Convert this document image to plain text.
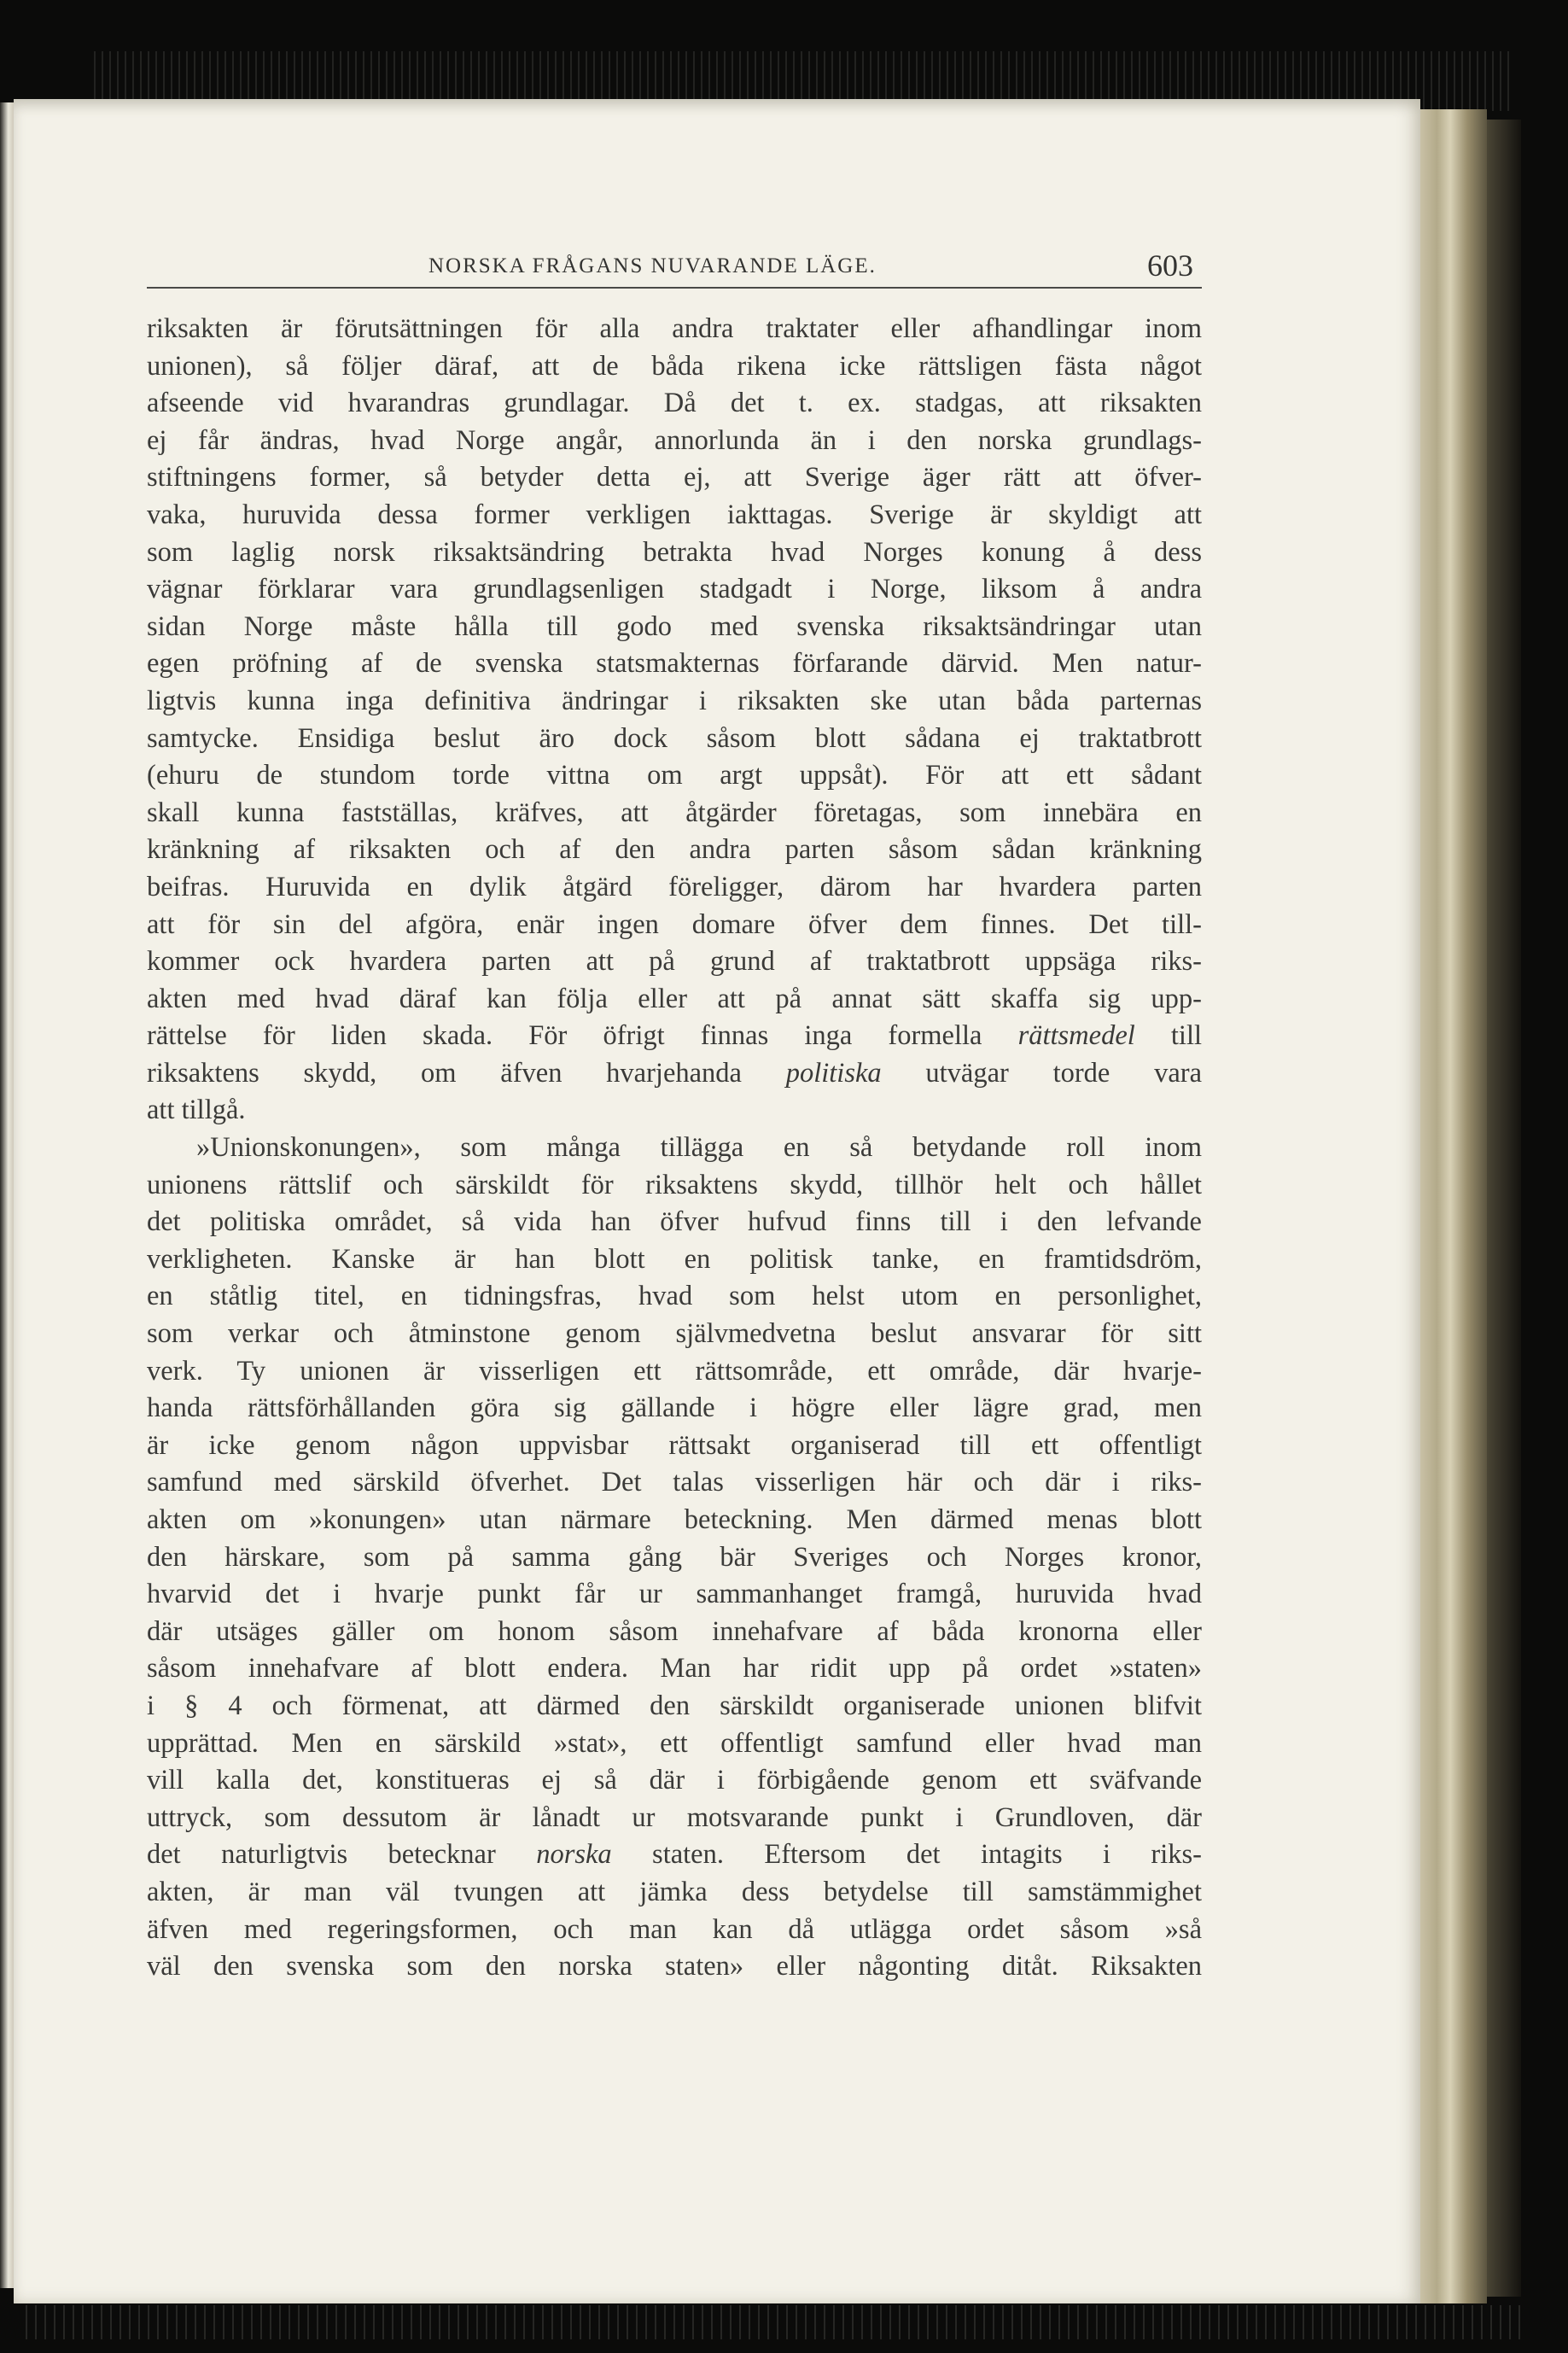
NORSKA FRÅGANS NUVARANDE LÄGE.	603
riksakten är förutsättningen för alla andra traktater eller afhandlingar inom
unionen), så följer däraf, att de båda rikena icke rättsligen fästa något
afseende vid hvarandras grundlagar. Då det t. ex. stadgas, att riksakten
ej får ändras, hvad Norge angår, annorlunda än i den norska grundlags-
stiftningens former, så betyder detta ej, att Sverige äger rätt att öfver-
vaka, huruvida dessa former verkligen iakttagas. Sverige är skyldigt att
som laglig norsk riksaktsändring betrakta hvad Norges konung å dess
vägnar förklarar vara grundlagsenligen stadgadt i Norge, liksom å andra
sidan Norge måste hålla till godo med svenska riksaktsändringar utan
egen pröfning af de svenska statsmakternas förfarande därvid. Men natur-
ligtvis kunna inga definitiva ändringar i riksakten ske utan båda parternas
samtycke. Ensidiga beslut äro dock såsom blott sådana ej traktatbrott
(ehuru de stundom torde vittna om argt uppsåt). För att ett sådant
skall kunna fastställas, kräfves, att åtgärder företagas, som innebära en
kränkning af riksakten och af den andra parten såsom sådan kränkning
beifras. Huruvida en dylik åtgärd föreligger, därom har hvardera parten
att för sin del afgöra, enär ingen domare öfver dem finnes. Det till-
kommer ock hvardera parten att på grund af traktatbrott uppsäga riks-
akten med hvad däraf kan följa eller att på annat sätt skaffa sig upp-
rättelse för liden skada. För öfrigt finnas inga formella rättsmedel till
riksaktens skydd, om äfven hvarjehanda politiska utvägar torde vara
att tillgå.
»Unionskonungen», som många tillägga en så betydande roll inom
unionens rättslif och särskildt för riksaktens skydd, tillhör helt och hållet
det politiska området, så vida han öfver hufvud finns till i den lefvande
verkligheten. Kanske är han blott en politisk tanke, en framtidsdröm,
en ståtlig titel, en tidningsfras, hvad som helst utom en personlighet,
som verkar och åtminstone genom självmedvetna beslut ansvarar för sitt
verk. Ty unionen är visserligen ett rättsområde, ett område, där hvarje-
handa rättsförhållanden göra sig gällande i högre eller lägre grad, men
är icke genom någon uppvisbar rättsakt organiserad till ett offentligt
samfund med särskild öfverhet. Det talas visserligen här och där i riks-
akten om »konungen» utan närmare beteckning. Men därmed menas blott
den härskare, som på samma gång bär Sveriges och Norges kronor,
hvarvid det i hvarje punkt får ur sammanhanget framgå, huruvida hvad
där utsäges gäller om honom såsom innehafvare af båda kronorna eller
såsom innehafvare af blott endera. Man har ridit upp på ordet »staten»
i § 4 och förmenat, att därmed den särskildt organiserade unionen blifvit
upprättad. Men en särskild »stat», ett offentligt samfund eller hvad man
vill kalla det, konstitueras ej så där i förbigående genom ett sväfvande
uttryck, som dessutom är lånadt ur motsvarande punkt i Grundloven, där
det naturligtvis betecknar norska staten. Eftersom det intagits i riks-
akten, är man väl tvungen att jämka dess betydelse till samstämmighet
äfven med regeringsformen, och man kan då utlägga ordet såsom »så
väl den svenska som den norska staten» eller någonting ditåt. Riksakten
